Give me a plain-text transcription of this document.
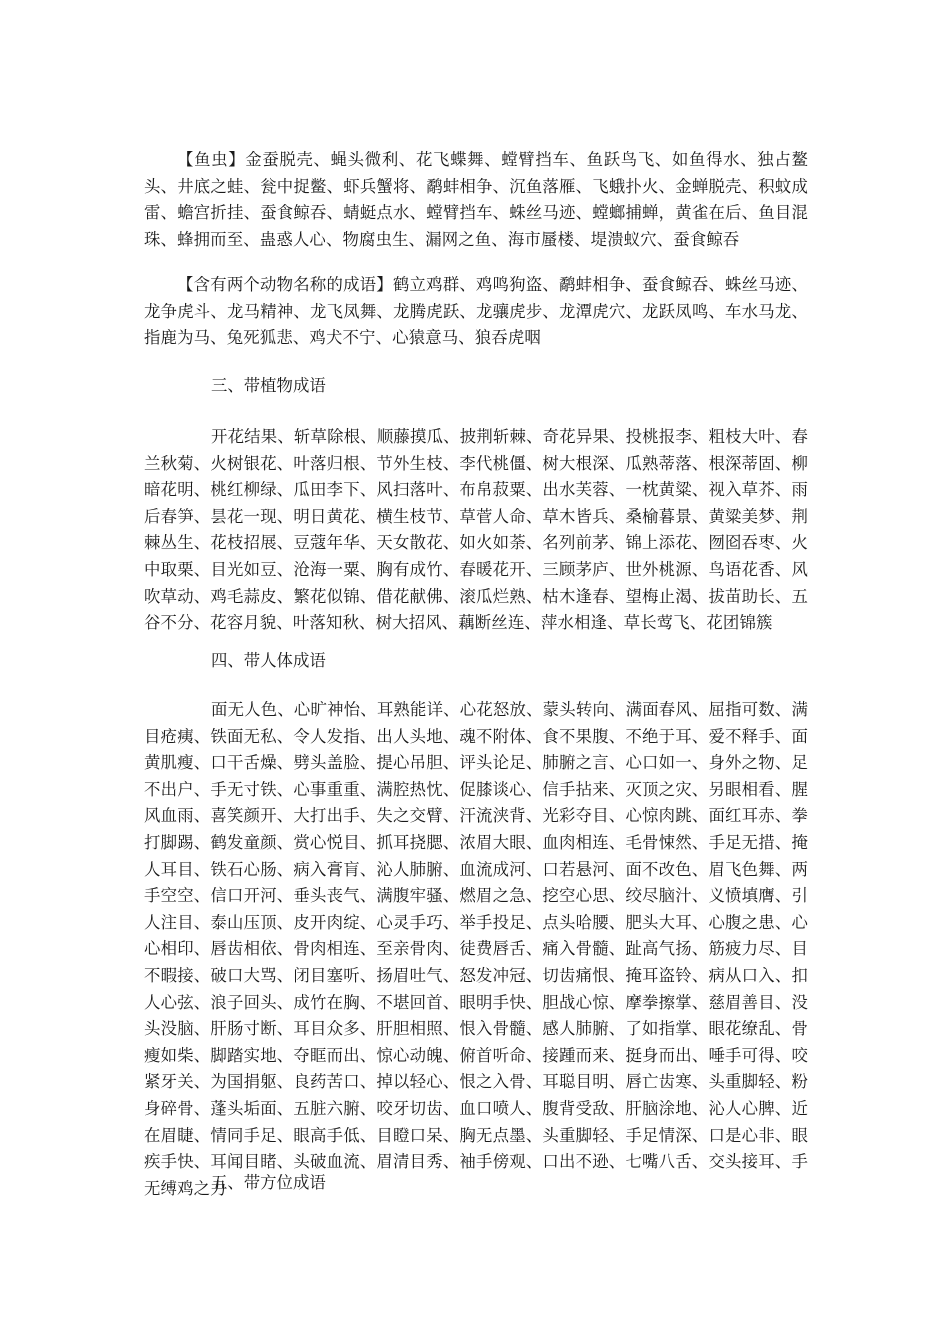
【鱼虫】金蚕脱壳、蝇头微利、花飞蝶舞、螳臂挡车、鱼跃鸟飞、如鱼得水、独占鳌头、井底之蛙、瓮中捉鳖、虾兵蟹将、鹬蚌相争、沉鱼落雁、飞蛾扑火、金蝉脱壳、积蚊成雷、蟾宫折挂、蚕食鲸吞、蜻蜓点水、螳臂挡车、蛛丝马迹、螳螂捕蝉，黄雀在后、鱼目混珠、蜂拥而至、蛊惑人心、物腐虫生、漏网之鱼、海市蜃楼、堤溃蚁穴、蚕食鲸吞

【含有两个动物名称的成语】鹤立鸡群、鸡鸣狗盗、鹬蚌相争、蚕食鲸吞、蛛丝马迹、龙争虎斗、龙马精神、龙飞凤舞、龙腾虎跃、龙骧虎步、龙潭虎穴、龙跃凤鸣、车水马龙、指鹿为马、兔死狐悲、鸡犬不宁、心猿意马、狼吞虎咽

三、带植物成语

开花结果、斩草除根、顺藤摸瓜、披荆斩棘、奇花异果、投桃报李、粗枝大叶、春兰秋菊、火树银花、叶落归根、节外生枝、李代桃僵、树大根深、瓜熟蒂落、根深蒂固、柳暗花明、桃红柳绿、瓜田李下、风扫落叶、布帛菽粟、出水芙蓉、一枕黄粱、视入草芥、雨后春笋、昙花一现、明日黄花、横生枝节、草菅人命、草木皆兵、桑榆暮景、黄粱美梦、荆棘丛生、花枝招展、豆蔻年华、天女散花、如火如荼、名列前茅、锦上添花、囫囵吞枣、火中取栗、目光如豆、沧海一粟、胸有成竹、春暖花开、三顾茅庐、世外桃源、鸟语花香、风吹草动、鸡毛蒜皮、繁花似锦、借花献佛、滚瓜烂熟、枯木逢春、望梅止渴、拔苗助长、五谷不分、花容月貌、叶落知秋、树大招风、藕断丝连、萍水相逢、草长莺飞、花团锦簇

四、带人体成语

面无人色、心旷神怡、耳熟能详、心花怒放、蒙头转向、满面春风、屈指可数、满目疮痍、铁面无私、令人发指、出人头地、魂不附体、食不果腹、不绝于耳、爱不释手、面黄肌瘦、口干舌燥、劈头盖脸、提心吊胆、评头论足、肺腑之言、心口如一、身外之物、足不出户、手无寸铁、心事重重、满腔热忱、促膝谈心、信手拈来、灭顶之灾、另眼相看、腥风血雨、喜笑颜开、大打出手、失之交臂、汗流浃背、光彩夺目、心惊肉跳、面红耳赤、拳打脚踢、鹤发童颜、赏心悦目、抓耳挠腮、浓眉大眼、血肉相连、毛骨悚然、手足无措、掩人耳目、铁石心肠、病入膏肓、沁人肺腑、血流成河、口若悬河、面不改色、眉飞色舞、两手空空、信口开河、垂头丧气、满腹牢骚、燃眉之急、挖空心思、绞尽脑汁、义愤填膺、引人注目、泰山压顶、皮开肉绽、心灵手巧、举手投足、点头哈腰、肥头大耳、心腹之患、心心相印、唇齿相依、骨肉相连、至亲骨肉、徒费唇舌、痛入骨髓、趾高气扬、筋疲力尽、目不暇接、破口大骂、闭目塞听、扬眉吐气、怒发冲冠、切齿痛恨、掩耳盗铃、病从口入、扣人心弦、浪子回头、成竹在胸、不堪回首、眼明手快、胆战心惊、摩拳擦掌、慈眉善目、没头没脑、肝肠寸断、耳目众多、肝胆相照、恨入骨髓、感人肺腑、了如指掌、眼花缭乱、骨瘦如柴、脚踏实地、夺眶而出、惊心动魄、俯首听命、接踵而来、挺身而出、唾手可得、咬紧牙关、为国捐躯、良药苦口、掉以轻心、恨之入骨、耳聪目明、唇亡齿寒、头重脚轻、粉身碎骨、蓬头垢面、五脏六腑、咬牙切齿、血口喷人、腹背受敌、肝脑涂地、沁人心脾、近在眉睫、情同手足、眼高手低、目瞪口呆、胸无点墨、头重脚轻、手足情深、口是心非、眼疾手快、耳闻目睹、头破血流、眉清目秀、袖手傍观、口出不逊、七嘴八舌、交头接耳、手无缚鸡之力

五、带方位成语
